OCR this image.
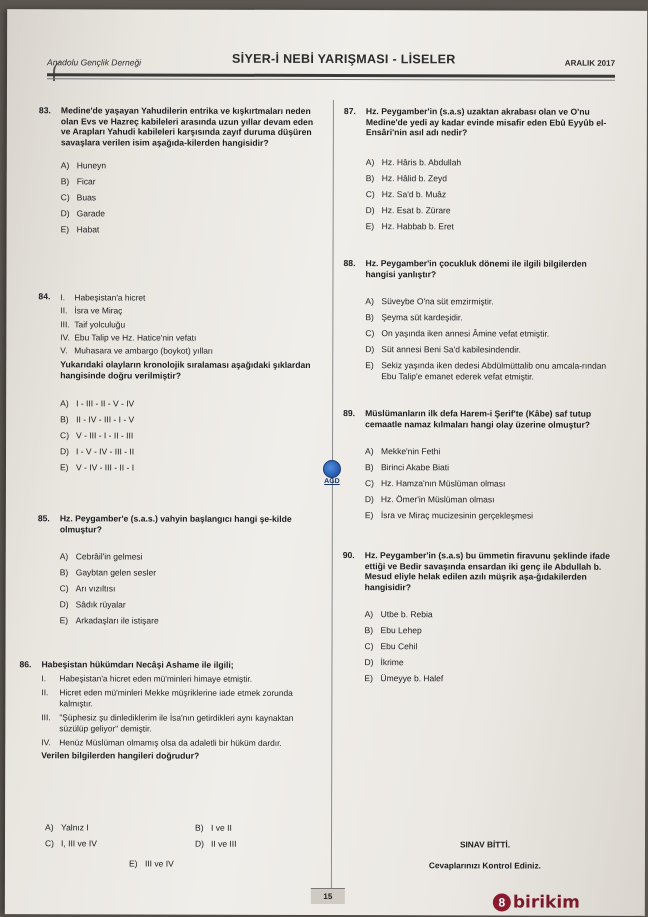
Anadolu Gençlik Derneği	SİYER-İ NEBİ YARIŞMASI - LİSELER	ARALIK 2017
AGD
83. Medine'de yaşayan Yahudilerin entrika ve kışkırtmaları neden olan Evs ve Hazreç kabileleri arasında uzun yıllar devam eden ve Arapları Yahudi kabileleri karşısında zayıf duruma düşüren savaşlara verilen isim aşağıda-kilerden hangisidir?
A) Huneyn
B) Ficar
C) Buas
D) Garade
E) Habat
84. I.	Habeşistan'a hicret
II. İsra ve Miraç
III. Taif yolculuğu
IV. Ebu Talip ve Hz. Hatice'nin vefatı
V. Muhasara ve ambargo (boykot) yılları
Yukarıdaki olayların kronolojik sıralaması aşağıdaki şıklardan hangisinde doğru verilmiştir?
A) I - III - II - V - IV
B) II - IV - III - I - V
C) V - III - I - II - III
D) I - V - IV - III - II
E) V - IV - III - II - I
85. Hz. Peygamber'e (s.a.s.) vahyin başlangıcı hangi şe-kilde olmuştur?
A) Cebrâil'in gelmesi
B) Gaybtan gelen sesler
C) Arı vızıltısı
D) Sâdık rüyalar
E) Arkadaşları ile istişare
86. Habeşistan hükümdarı Necâşi Ashame ile ilgili;
I.	Habeşistan'a hicret eden mü'minleri himaye etmiştir.
II.	Hicret eden mü'minleri Mekke müşriklerine iade etmek zorunda kalmıştır.
III.	"Şüphesiz şu dinlediklerim ile İsa'nın getirdikleri aynı kaynaktan süzülüp geliyor" demiştir.
IV.	Henüz Müslüman olmamış olsa da adaletli bir hüküm dardır.
Verilen bilgilerden hangileri doğrudur?
A) Yalnız I	B) I ve II
C) I, III ve IV	D) II ve III
E) III ve IV
87. Hz. Peygamber'in (s.a.s) uzaktan akrabası olan ve O'nu Medine'de yedi ay kadar evinde misafir eden Ebû Eyyûb el-Ensâri'nin asıl adı nedir?
A) Hz. Hâris b. Abdullah
B) Hz. Hâlid b. Zeyd
C) Hz. Sa'd b. Muâz
D) Hz. Esat b. Zürare
E) Hz. Habbab b. Eret
88. Hz. Peygamber'in çocukluk dönemi ile ilgili bilgilerden hangisi yanlıştır?
A) Süveybe O'na süt emzirmiştir.
B) Şeyma süt kardeşidir.
C) On yaşında iken annesi Âmine vefat etmiştir.
D) Süt annesi Beni Sa'd kabilesindendir.
E) Sekiz yaşında iken dedesi Abdülmüttalib onu amcala-rından Ebu Talip'e emanet ederek vefat etmiştir.
89. Müslümanların ilk defa Harem-i Şerif'te (Kâbe) saf tutup cemaatle namaz kılmaları hangi olay üzerine olmuştur?
A) Mekke'nin Fethi
B) Birinci Akabe Biati
C) Hz. Hamza'nın Müslüman olması
D) Hz. Ömer'in Müslüman olması
E) İsra ve Miraç mucizesinin gerçekleşmesi
90. Hz. Peygamber'in (s.a.s) bu ümmetin firavunu şeklinde ifade ettiği ve Bedir savaşında ensardan iki genç ile Abdullah b. Mesud eliyle helak edilen azılı müşrik aşa-ğıdakilerden hangisidir?
A) Utbe b. Rebia
B) Ebu Lehep
C) Ebu Cehil
D) İkrime
E) Ümeyye b. Halef
SINAV BİTTİ.
Cevaplarınızı Kontrol Ediniz.
15	8 birikim
